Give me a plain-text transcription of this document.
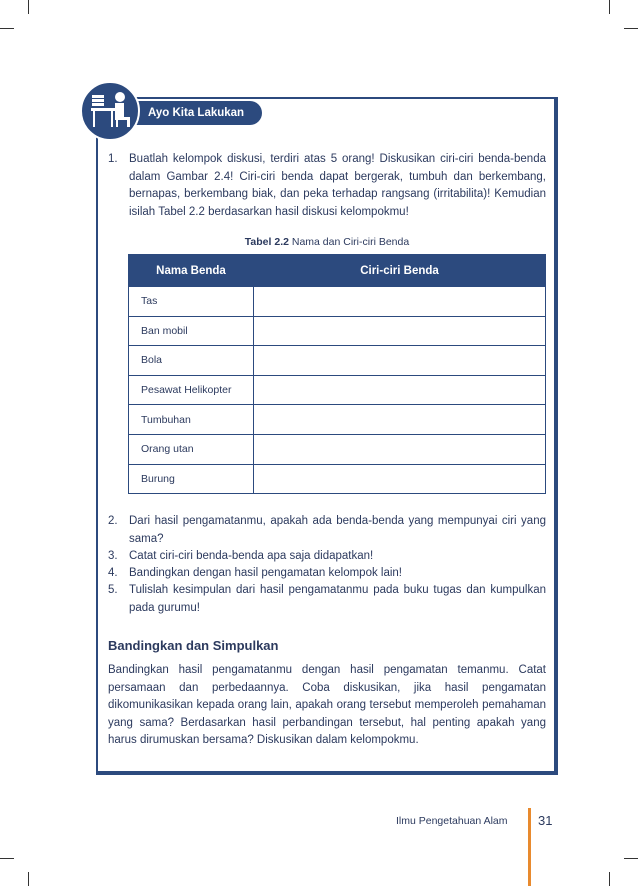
Ayo Kita Lakukan
1. Buatlah kelompok diskusi, terdiri atas 5 orang! Diskusikan ciri-ciri benda-benda dalam Gambar 2.4! Ciri-ciri benda dapat bergerak, tumbuh dan berkembang, bernapas, berkembang biak, dan peka terhadap rangsang (irritabilita)! Kemudian isilah Tabel 2.2 berdasarkan hasil diskusi kelompokmu!
Tabel 2.2 Nama dan Ciri-ciri Benda
Nama Benda	Ciri-ciri Benda
Tas	
Ban mobil	
Bola	
Pesawat Helikopter	
Tumbuhan	
Orang utan	
Burung	
2. Dari hasil pengamatanmu, apakah ada benda-benda yang mempunyai ciri yang sama?
3. Catat ciri-ciri benda-benda apa saja didapatkan!
4. Bandingkan dengan hasil pengamatan kelompok lain!
5. Tulislah kesimpulan dari hasil pengamatanmu pada buku tugas dan kumpulkan pada gurumu!
Bandingkan dan Simpulkan
Bandingkan hasil pengamatanmu dengan hasil pengamatan temanmu. Catat persamaan dan perbedaannya. Coba diskusikan, jika hasil pengamatan dikomunikasikan kepada orang lain, apakah orang tersebut memperoleh pemahaman yang sama? Berdasarkan hasil perbandingan tersebut, hal penting apakah yang harus dirumuskan bersama? Diskusikan dalam kelompokmu.
Ilmu Pengetahuan Alam 31
